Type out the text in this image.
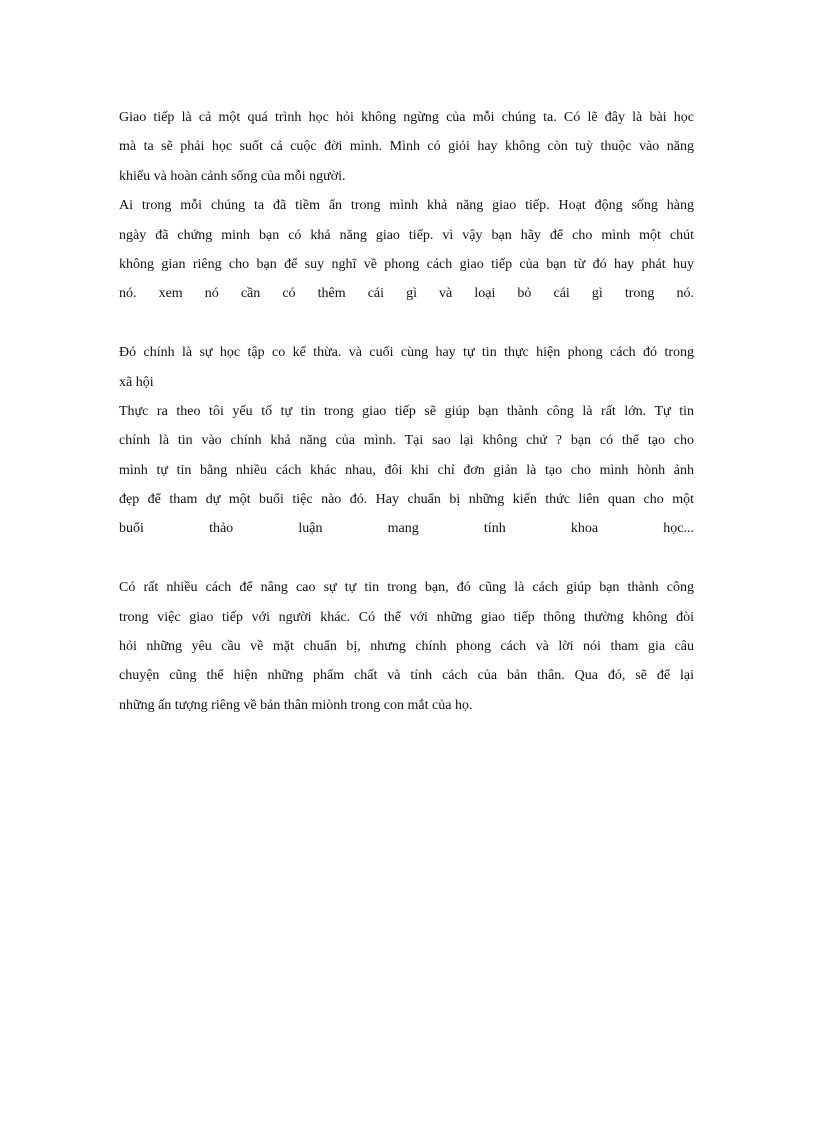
Giao tiếp là cả một quá trình học hỏi không ngừng của mỗi chúng ta. Có lẽ đây là bài học
mà ta sẽ phải học suốt cả cuộc đời mình. Mình có giỏi hay không còn tuỳ thuộc vào năng
khiếu và hoàn cảnh sống của mỗi người.
Ai trong mỗi chúng ta đã tiềm ẩn trong mình khả năng giao tiếp. Hoạt động sống hàng
ngày đã chứng minh bạn có khả năng giao tiếp. vì vậy bạn hãy để cho mình một chút
không gian riêng cho bạn để suy nghĩ về phong cách giao tiếp của bạn từ đó hay phát huy
nó. xem nó cần có thêm cái gì và loại bỏ cái gì trong nó.
Đó chính là sự học tập co kế thừa. và cuối cùng hay tự tin thực hiện phong cách đó trong
xã hội
Thực ra theo tôi yếu tố tự tin trong giao tiếp sẽ giúp bạn thành công là rất lớn. Tự tin
chính là tin vào chính khả năng của mình. Tại sao lại không chứ ? bạn có thể tạo cho
mình tự tin bằng nhiều cách khác nhau, đôi khi chỉ đơn giản là tạo cho mình hònh ảnh
đẹp để tham dự một buổi tiệc nào đó. Hay chuẩn bị những kiến thức liên quan cho một
buổi thảo luận mang tính khoa học...
Có rất nhiều cách để nâng cao sự tự tin trong bạn, đó cũng là cách giúp bạn thành công
trong việc giao tiếp với người khác. Có thể với những giao tiếp thông thường không đòi
hỏi những yêu cầu về mặt chuẩn bị, nhưng chính phong cách và lời nói tham gia câu
chuyện cũng thể hiện những phẩm chất và tính cách của bản thân. Qua đó, sẽ để lại
những ấn tượng riêng về bản thân miònh trong con mắt của họ.
